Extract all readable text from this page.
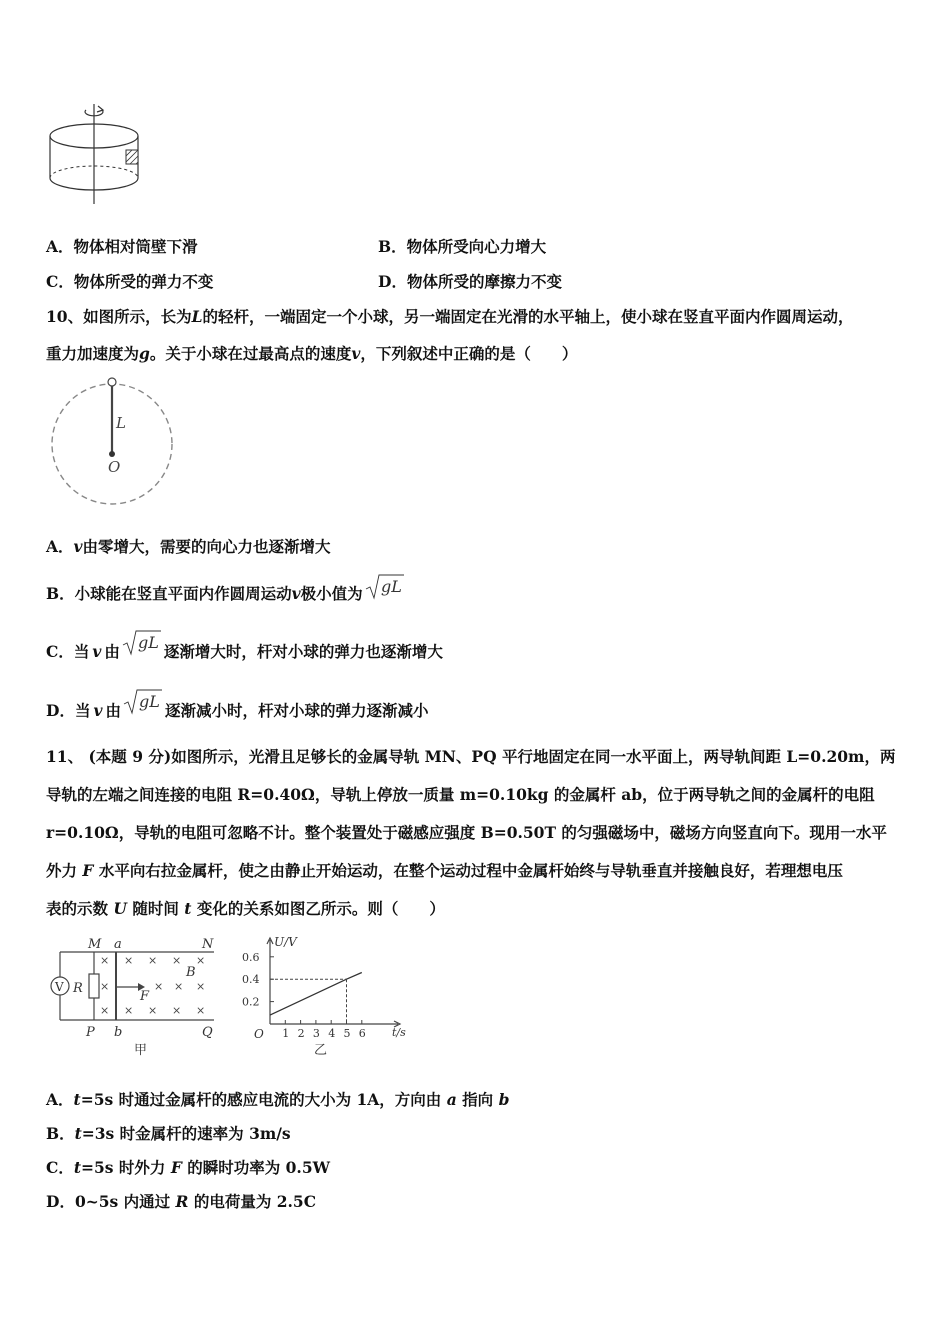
A．物体相对筒壁下滑	B．物体所受向心力增大
C．物体所受的弹力不变	D．物体所受的摩擦力不变
10、如图所示，长为L的轻杆，一端固定一个小球，另一端固定在光滑的水平轴上，使小球在竖直平面内作圆周运动，
重力加速度为g。关于小球在过最高点的速度v，下列叙述中正确的是（　　）
L
O
A．v由零增大，需要的向心力也逐渐增大
B．小球能在竖直平面内作圆周运动v极小值为 gL
C．当 v 由 gL 逐渐增大时，杆对小球的弹力也逐渐增大
D．当 v 由 gL 逐渐减小时，杆对小球的弹力逐渐减小
11、 (本题 9 分)如图所示，光滑且足够长的金属导轨 MN、PQ 平行地固定在同一水平面上，两导轨间距 L=0.20m，两
导轨的左端之间连接的电阻 R=0.40Ω，导轨上停放一质量 m=0.10kg 的金属杆 ab，位于两导轨之间的金属杆的电阻
r=0.10Ω，导轨的电阻可忽略不计。整个装置处于磁感应强度 B=0.50T 的匀强磁场中，磁场方向竖直向下。现用一水平
外力 F 水平向右拉金属杆，使之由静止开始运动，在整个运动过程中金属杆始终与导轨垂直并接触良好，若理想电压
表的示数 U 随时间 t 变化的关系如图乙所示。则（　　）
M a	N
B
R
F
P b	Q
V
× × × × ×
×	× × ×
× × × × ×
甲
U/V
t/s
O
0.2
0.4
0.6
1 2 3 4 5 6
乙
A．t=5s 时通过金属杆的感应电流的大小为 1A，方向由 a 指向 b
B．t=3s 时金属杆的速率为 3m/s
C．t=5s 时外力 F 的瞬时功率为 0.5W
D．0~5s 内通过 R 的电荷量为 2.5C
